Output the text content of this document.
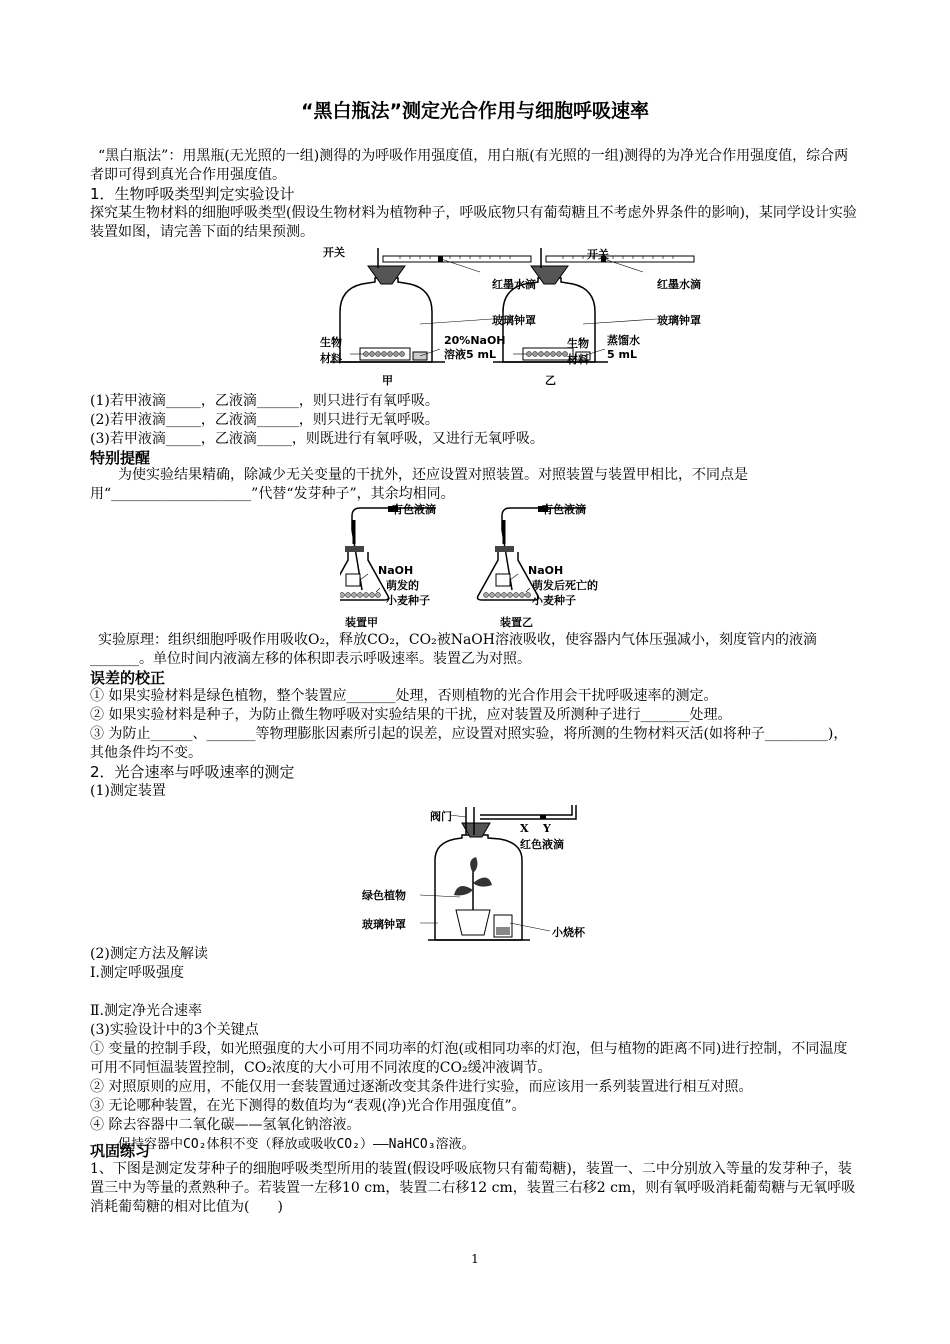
“黑白瓶法”测定光合作用与细胞呼吸速率

“黑白瓶法”：用黑瓶(无光照的一组)测得的为呼吸作用强度值，用白瓶(有光照的一组)测得的为净光合作用强度值，综合两者即可得到真光合作用强度值。

1．生物呼吸类型判定实验设计

探究某生物材料的细胞呼吸类型(假设生物材料为植物种子，呼吸底物只有葡萄糖且不考虑外界条件的影响)，某同学设计实验装置如图，请完善下面的结果预测。

开关
红墨水滴
玻璃钟罩
生物
材料
20%NaOH
溶液5 mL
甲
红墨水滴
玻璃钟罩
蒸馏水
5 mL
乙
开关
生物
材料

(1)若甲液滴_____，乙液滴______，则只进行有氧呼吸。

(2)若甲液滴_____，乙液滴______，则只进行无氧呼吸。

(3)若甲液滴_____，乙液滴_____，则既进行有氧呼吸，又进行无氧呼吸。

特别提醒

为使实验结果精确，除减少无关变量的干扰外，还应设置对照装置。对照装置与装置甲相比，不同点是用“____________________”代替“发芽种子”，其余均相同。

有色液滴	有色液滴
NaOH
萌发的
小麦种子
NaOH
萌发后死亡的
小麦种子
装置甲	装置乙

实验原理：组织细胞呼吸作用吸收O₂，释放CO₂，CO₂被NaOH溶液吸收，使容器内气体压强减小，刻度管内的液滴_______。单位时间内液滴左移的体积即表示呼吸速率。装置乙为对照。

误差的校正

① 如果实验材料是绿色植物，整个装置应_______处理，否则植物的光合作用会干扰呼吸速率的测定。

② 如果实验材料是种子，为防止微生物呼吸对实验结果的干扰，应对装置及所测种子进行_______处理。

③ 为防止______、_______等物理膨胀因素所引起的误差，应设置对照实验，将所测的生物材料灭活(如将种子_________)，其他条件均不变。

2．光合速率与呼吸速率的测定

(1)测定装置

阀门
X Y
红色液滴
绿色植物
玻璃钟罩
小烧杯

(2)测定方法及解读

Ⅰ.测定呼吸强度

Ⅱ.测定净光合速率

(3)实验设计中的3个关键点

① 变量的控制手段，如光照强度的大小可用不同功率的灯泡(或相同功率的灯泡，但与植物的距离不同)进行控制，不同温度可用不同恒温装置控制，CO₂浓度的大小可用不同浓度的CO₂缓冲液调节。

② 对照原则的应用，不能仅用一套装置通过逐渐改变其条件进行实验，而应该用一系列装置进行相互对照。

③ 无论哪种装置，在光下测得的数值均为“表观(净)光合作用强度值”。

④ 除去容器中二氧化碳——氢氧化钠溶液。

保持容器中CO₂体积不变（释放或吸收CO₂）——NaHCO₃溶液。

巩固练习

1、下图是测定发芽种子的细胞呼吸类型所用的装置(假设呼吸底物只有葡萄糖)，装置一、二中分别放入等量的发芽种子，装置三中为等量的煮熟种子。若装置一左移10 cm，装置二右移12 cm，装置三右移2 cm，则有氧呼吸消耗葡萄糖与无氧呼吸消耗葡萄糖的相对比值为(　　)

1
